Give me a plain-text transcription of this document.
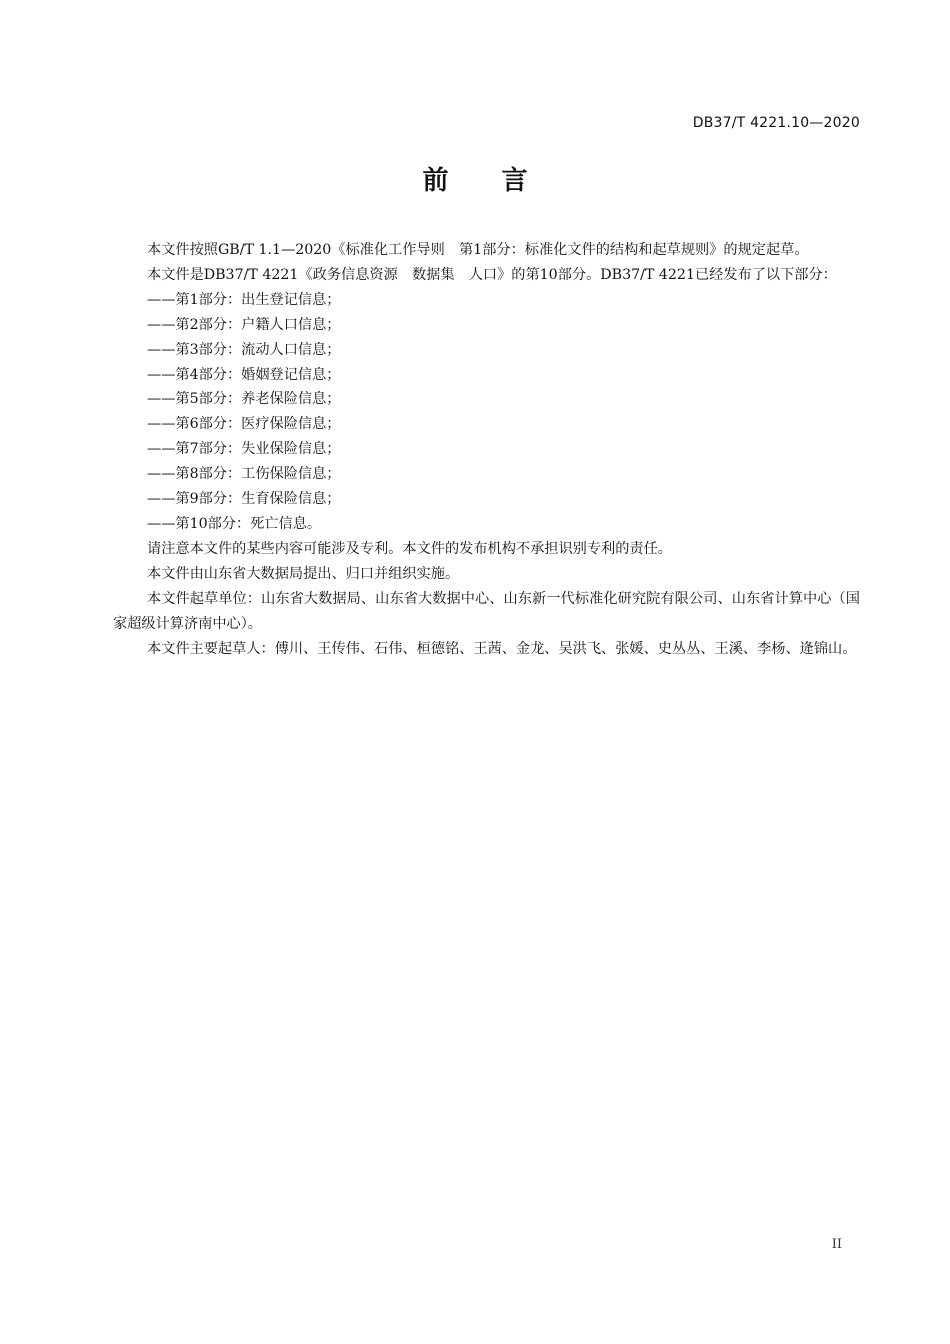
DB37/T 4221.10—2020
前 言

本文件按照GB/T 1.1—2020《标准化工作导则　第1部分：标准化文件的结构和起草规则》的规定起草。

本文件是DB37/T 4221《政务信息资源　数据集　人口》的第10部分。DB37/T 4221已经发布了以下部分：

——第1部分：出生登记信息；
——第2部分：户籍人口信息；
——第3部分：流动人口信息；
——第4部分：婚姻登记信息；
——第5部分：养老保险信息；
——第6部分：医疗保险信息；
——第7部分：失业保险信息；
——第8部分：工伤保险信息；
——第9部分：生育保险信息；
——第10部分：死亡信息。

请注意本文件的某些内容可能涉及专利。本文件的发布机构不承担识别专利的责任。

本文件由山东省大数据局提出、归口并组织实施。

本文件起草单位：山东省大数据局、山东省大数据中心、山东新一代标准化研究院有限公司、山东省计算中心（国家超级计算济南中心）。

本文件主要起草人：傅川、王传伟、石伟、桓德铭、王茜、金龙、吴洪飞、张媛、史丛丛、王溪、李杨、逄锦山。

II
